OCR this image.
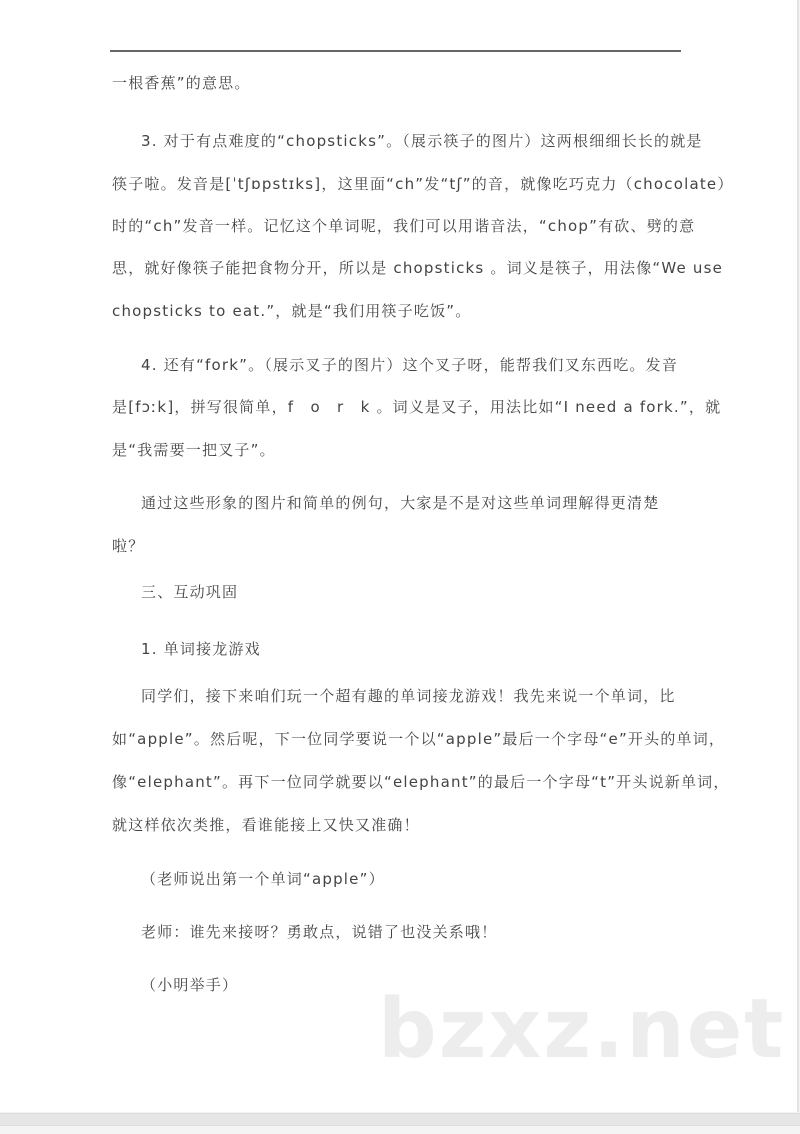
一根香蕉”的意思。
3. 对于有点难度的“chopsticks”。（展示筷子的图片）这两根细细长长的就是
筷子啦。发音是[ˈtʃɒpstɪks]，这里面“ch”发“tʃ”的音，就像吃巧克力（chocolate）
时的“ch”发音一样。记忆这个单词呢，我们可以用谐音法，“chop”有砍、劈的意
思，就好像筷子能把食物分开，所以是 chopsticks 。词义是筷子，用法像“We use
chopsticks to eat.”，就是“我们用筷子吃饭”。
4. 还有“fork”。（展示叉子的图片）这个叉子呀，能帮我们叉东西吃。发音
是[fɔːk]，拼写很简单，f　o　r　k 。词义是叉子，用法比如“I need a fork.”，就
是“我需要一把叉子”。
通过这些形象的图片和简单的例句，大家是不是对这些单词理解得更清楚
啦？
三、互动巩固
1. 单词接龙游戏
同学们，接下来咱们玩一个超有趣的单词接龙游戏！我先来说一个单词，比
如“apple”。然后呢，下一位同学要说一个以“apple”最后一个字母“e”开头的单词，
像“elephant”。再下一位同学就要以“elephant”的最后一个字母“t”开头说新单词，
就这样依次类推，看谁能接上又快又准确！
（老师说出第一个单词“apple”）
老师：谁先来接呀？勇敢点，说错了也没关系哦！
（小明举手） bzxz.net
